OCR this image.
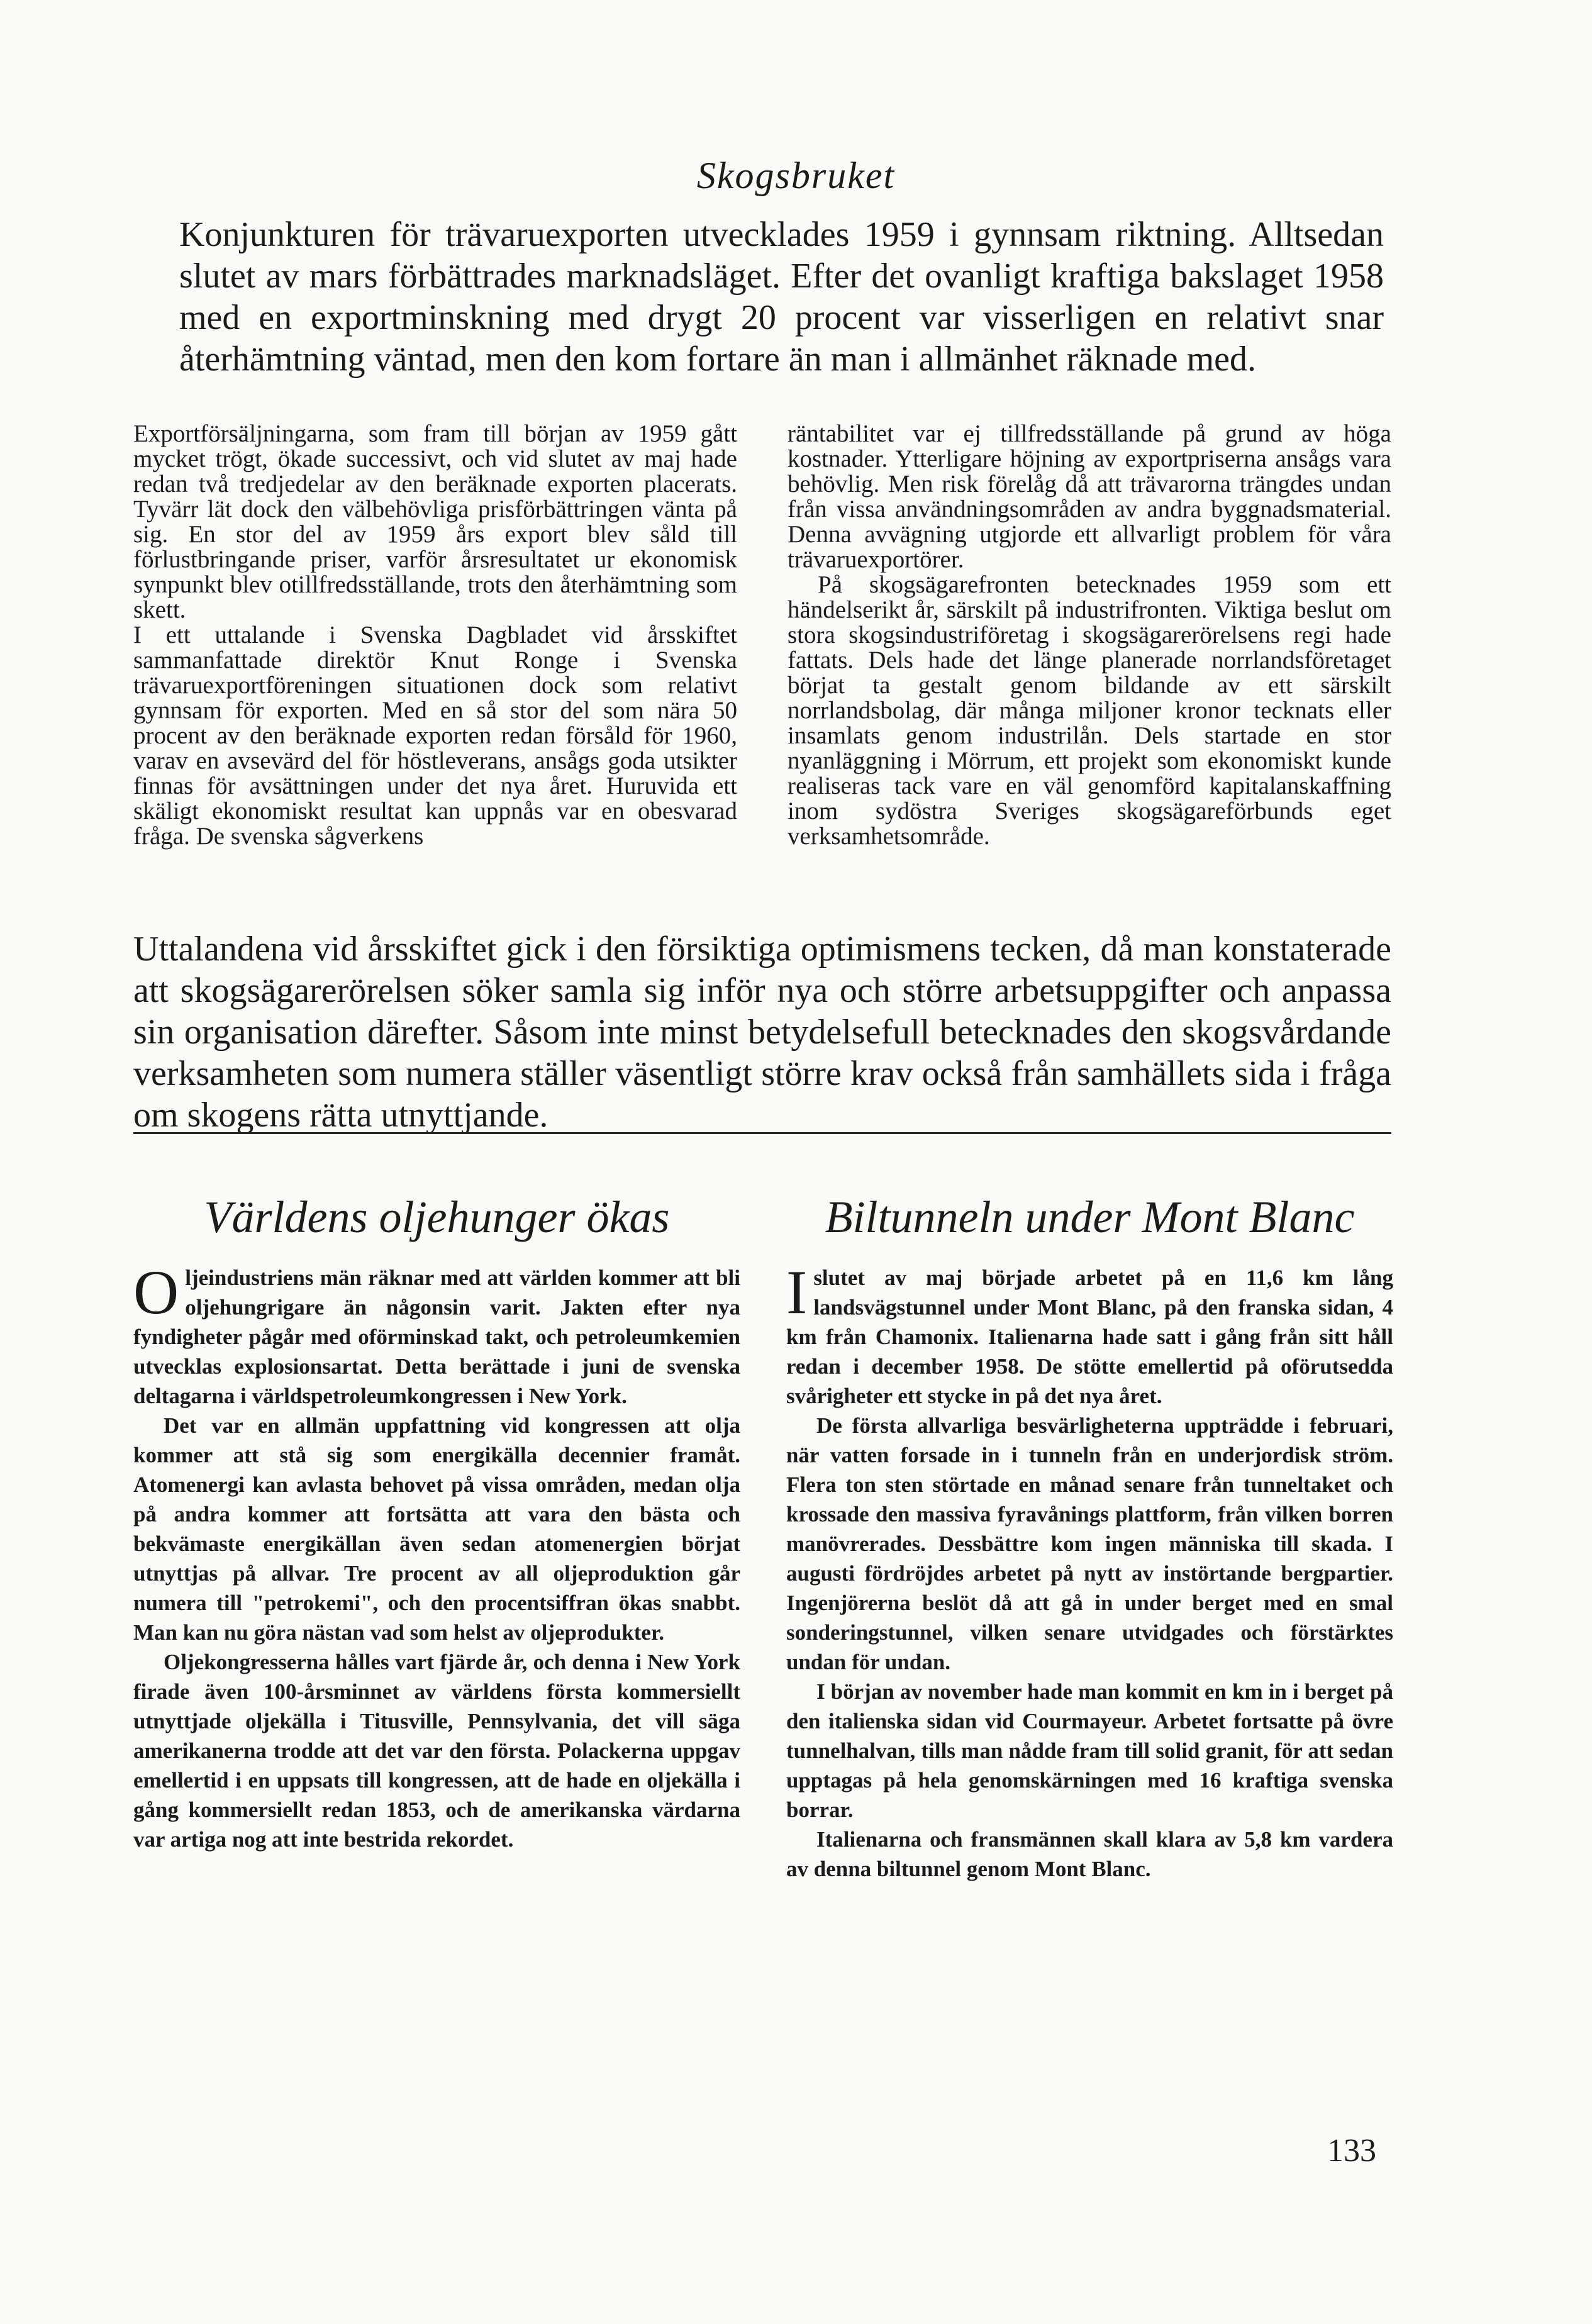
Skogsbruket
Konjunkturen för trävaruexporten utvecklades 1959 i gynnsam riktning. Alltsedan slutet av mars förbättrades marknadsläget. Efter det ovanligt kraftiga bakslaget 1958 med en exportminskning med drygt 20 procent var visserligen en relativt snar återhämtning väntad, men den kom fortare än man i allmänhet räknade med.

Exportförsäljningarna, som fram till början av 1959 gått mycket trögt, ökade successivt, och vid slutet av maj hade redan två tredjedelar av den beräknade exporten placerats. Tyvärr lät dock den välbehövliga prisförbättringen vänta på sig. En stor del av 1959 års export blev såld till förlustbringande priser, varför årsresultatet ur ekonomisk synpunkt blev otillfredsställande, trots den återhämtning som skett.

I ett uttalande i Svenska Dagbladet vid årsskiftet sammanfattade direktör Knut Ronge i Svenska trävaruexportföreningen situationen dock som relativt gynnsam för exporten. Med en så stor del som nära 50 procent av den beräknade exporten redan försåld för 1960, varav en avsevärd del för höstleverans, ansågs goda utsikter finnas för avsättningen under det nya året. Huruvida ett skäligt ekonomiskt resultat kan uppnås var en obesvarad fråga. De svenska sågverkens

räntabilitet var ej tillfredsställande på grund av höga kostnader. Ytterligare höjning av exportpriserna ansågs vara behövlig. Men risk förelåg då att trävarorna trängdes undan från vissa användningsområden av andra byggnadsmaterial. Denna avvägning utgjorde ett allvarligt problem för våra trävaruexportörer.

På skogsägarefronten betecknades 1959 som ett händelserikt år, särskilt på industrifronten. Viktiga beslut om stora skogsindustriföretag i skogsägarerörelsens regi hade fattats. Dels hade det länge planerade norrlandsföretaget börjat ta gestalt genom bildande av ett särskilt norrlandsbolag, där många miljoner kronor tecknats eller insamlats genom industrilån. Dels startade en stor nyanläggning i Mörrum, ett projekt som ekonomiskt kunde realiseras tack vare en väl genomförd kapitalanskaffning inom sydöstra Sveriges skogsägareförbunds eget verksamhetsområde.

Uttalandena vid årsskiftet gick i den försiktiga optimismens tecken, då man konstaterade att skogsägarerörelsen söker samla sig inför nya och större arbetsuppgifter och anpassa sin organisation därefter. Såsom inte minst betydelsefull betecknades den skogsvårdande verksamheten som numera ställer väsentligt större krav också från samhällets sida i fråga om skogens rätta utnyttjande.
Världens oljehunger ökas

Oljeindustriens män räknar med att världen kommer att bli oljehungrigare än någonsin varit. Jakten efter nya fyndigheter pågår med oförminskad takt, och petroleumkemien utvecklas explosionsartat. Detta berättade i juni de svenska deltagarna i världspetroleumkongressen i New York.

Det var en allmän uppfattning vid kongressen att olja kommer att stå sig som energikälla decennier framåt. Atomenergi kan avlasta behovet på vissa områden, medan olja på andra kommer att fortsätta att vara den bästa och bekvämaste energikällan även sedan atomenergien börjat utnyttjas på allvar. Tre procent av all oljeproduktion går numera till "petrokemi", och den procentsiffran ökas snabbt. Man kan nu göra nästan vad som helst av oljeprodukter.

Oljekongresserna hålles vart fjärde år, och denna i New York firade även 100-årsminnet av världens första kommersiellt utnyttjade oljekälla i Titusville, Pennsylvania, det vill säga amerikanerna trodde att det var den första. Polackerna uppgav emellertid i en uppsats till kongressen, att de hade en oljekälla i gång kommersiellt redan 1853, och de amerikanska värdarna var artiga nog att inte bestrida rekordet.

Biltunneln under Mont Blanc

Islutet av maj började arbetet på en 11,6 km lång landsvägstunnel under Mont Blanc, på den franska sidan, 4 km från Chamonix. Italienarna hade satt i gång från sitt håll redan i december 1958. De stötte emellertid på oförutsedda svårigheter ett stycke in på det nya året.

De första allvarliga besvärligheterna uppträdde i februari, när vatten forsade in i tunneln från en underjordisk ström. Flera ton sten störtade en månad senare från tunneltaket och krossade den massiva fyravånings plattform, från vilken borren manövrerades. Dessbättre kom ingen människa till skada. I augusti fördröjdes arbetet på nytt av instörtande bergpartier. Ingenjörerna beslöt då att gå in under berget med en smal sonderingstunnel, vilken senare utvidgades och förstärktes undan för undan.

I början av november hade man kommit en km in i berget på den italienska sidan vid Courmayeur. Arbetet fortsatte på övre tunnelhalvan, tills man nådde fram till solid granit, för att sedan upptagas på hela genomskärningen med 16 kraftiga svenska borrar.

Italienarna och fransmännen skall klara av 5,8 km vardera av denna biltunnel genom Mont Blanc.

133
